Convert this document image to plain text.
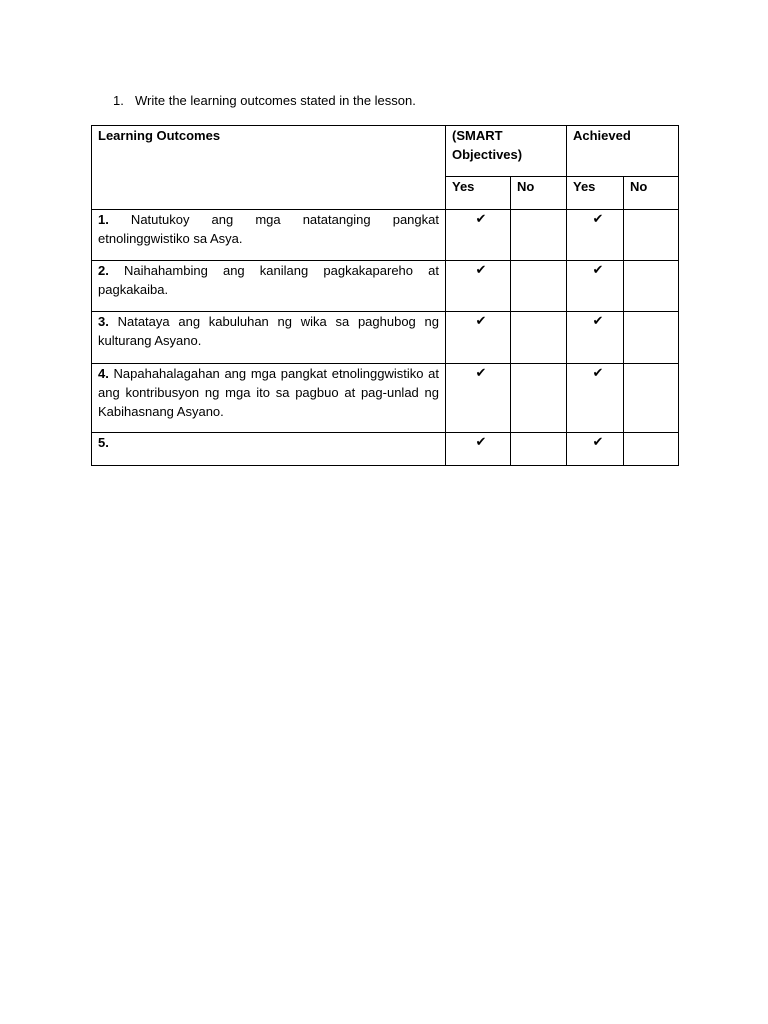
1. Write the learning outcomes stated in the lesson.
Learning Outcomes	(SMART Objectives)		Achieved	
	Yes	No	Yes	No
1. Natutukoy ang mga natatanging pangkat etnolinggwistiko sa Asya.	✔		✔	
2. Naihahambing ang kanilang pagkakapareho at pagkakaiba.	✔		✔	
3. Natataya ang kabuluhan ng wika sa paghubog ng kulturang Asyano.	✔		✔	
4. Napahahalagahan ang mga pangkat etnolinggwistiko at ang kontribusyon ng mga ito sa pagbuo at pag-unlad ng Kabihasnang Asyano.	✔		✔	
5.	✔		✔	
